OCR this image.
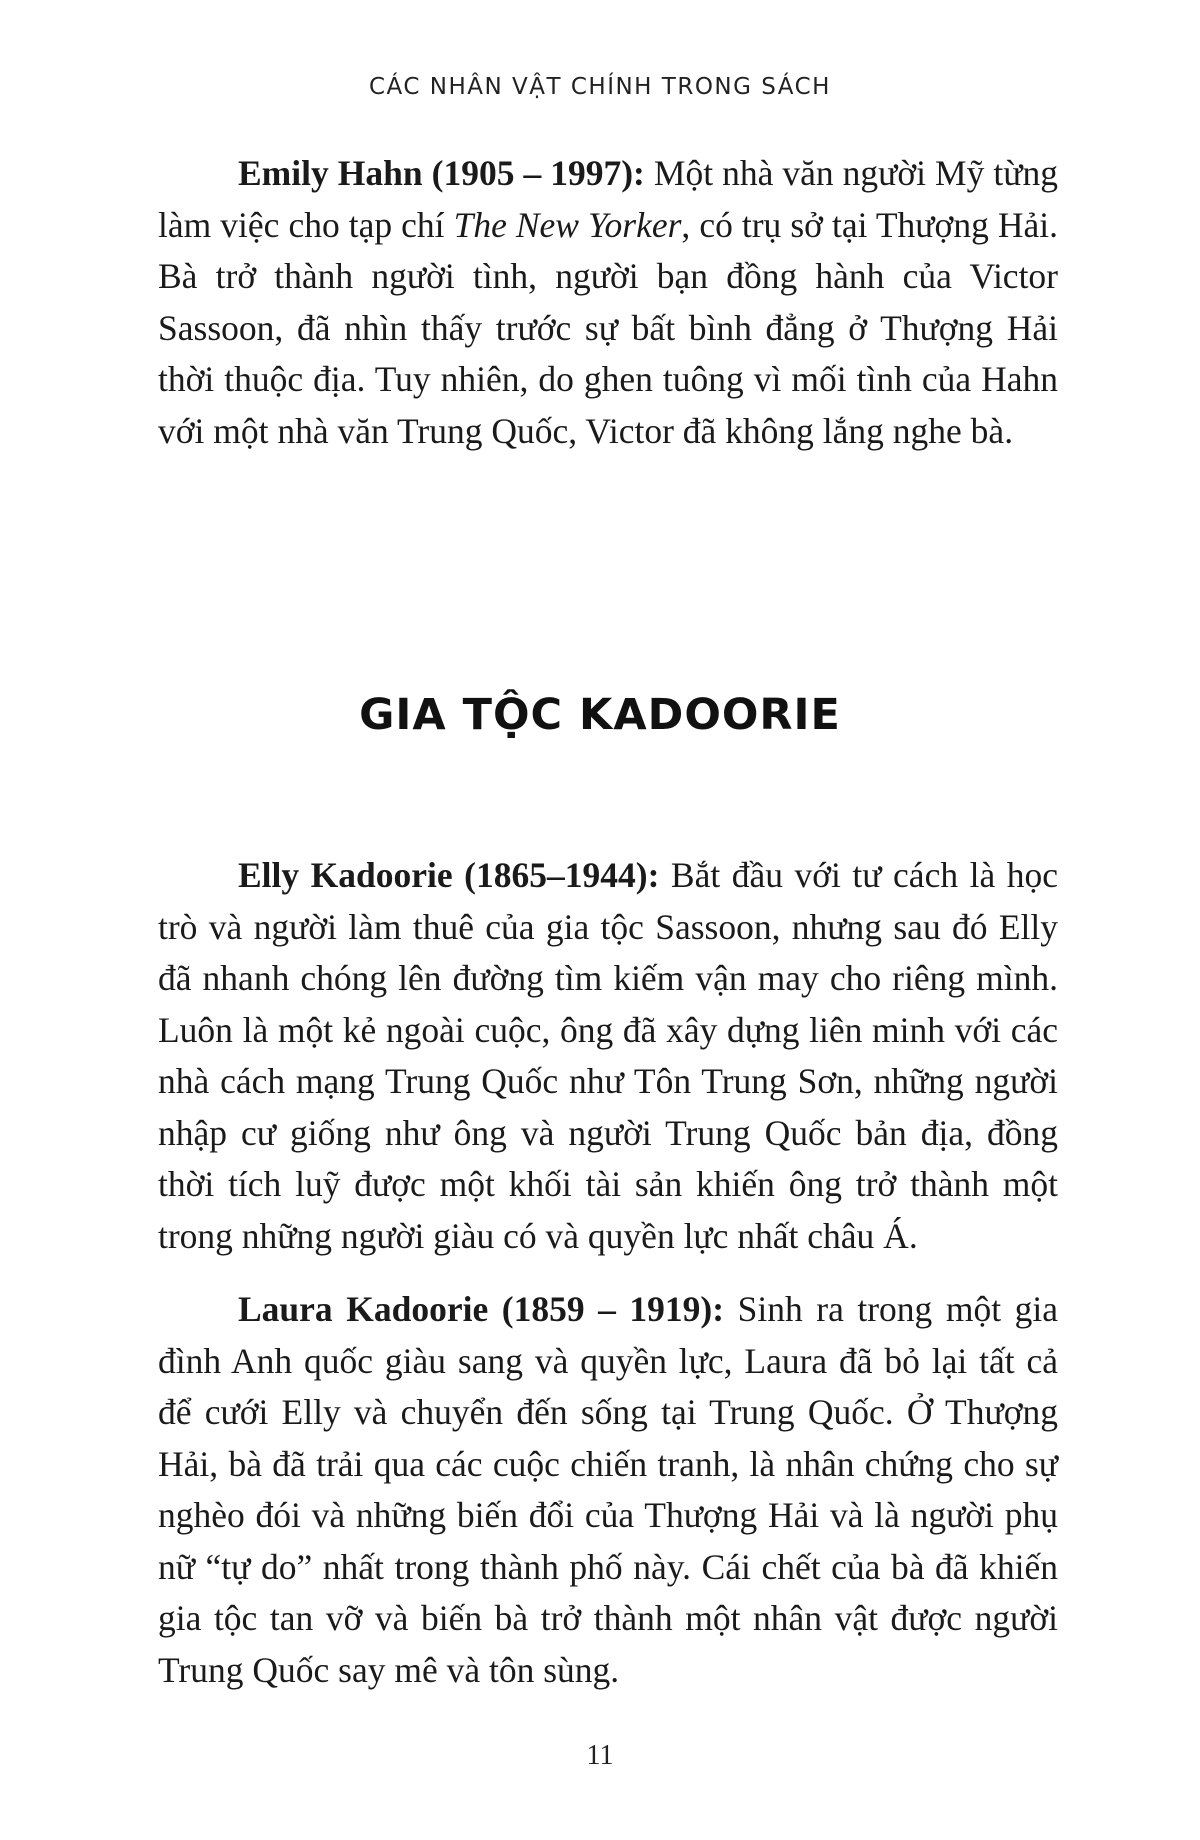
CÁC NHÂN VẬT CHÍNH TRONG SÁCH

Emily Hahn (1905 – 1997): Một nhà văn người Mỹ từng làm việc cho tạp chí The New Yorker, có trụ sở tại Thượng Hải. Bà trở thành người tình, người bạn đồng hành của Victor Sassoon, đã nhìn thấy trước sự bất bình đẳng ở Thượng Hải thời thuộc địa. Tuy nhiên, do ghen tuông vì mối tình của Hahn với một nhà văn Trung Quốc, Victor đã không lắng nghe bà.

GIA TỘC KADOORIE

Elly Kadoorie (1865–1944): Bắt đầu với tư cách là học trò và người làm thuê của gia tộc Sassoon, nhưng sau đó Elly đã nhanh chóng lên đường tìm kiếm vận may cho riêng mình. Luôn là một kẻ ngoài cuộc, ông đã xây dựng liên minh với các nhà cách mạng Trung Quốc như Tôn Trung Sơn, những người nhập cư giống như ông và người Trung Quốc bản địa, đồng thời tích luỹ được một khối tài sản khiến ông trở thành một trong những người giàu có và quyền lực nhất châu Á.

Laura Kadoorie (1859 – 1919): Sinh ra trong một gia đình Anh quốc giàu sang và quyền lực, Laura đã bỏ lại tất cả để cưới Elly và chuyển đến sống tại Trung Quốc. Ở Thượng Hải, bà đã trải qua các cuộc chiến tranh, là nhân chứng cho sự nghèo đói và những biến đổi của Thượng Hải và là người phụ nữ “tự do” nhất trong thành phố này. Cái chết của bà đã khiến gia tộc tan vỡ và biến bà trở thành một nhân vật được người Trung Quốc say mê và tôn sùng.

11
